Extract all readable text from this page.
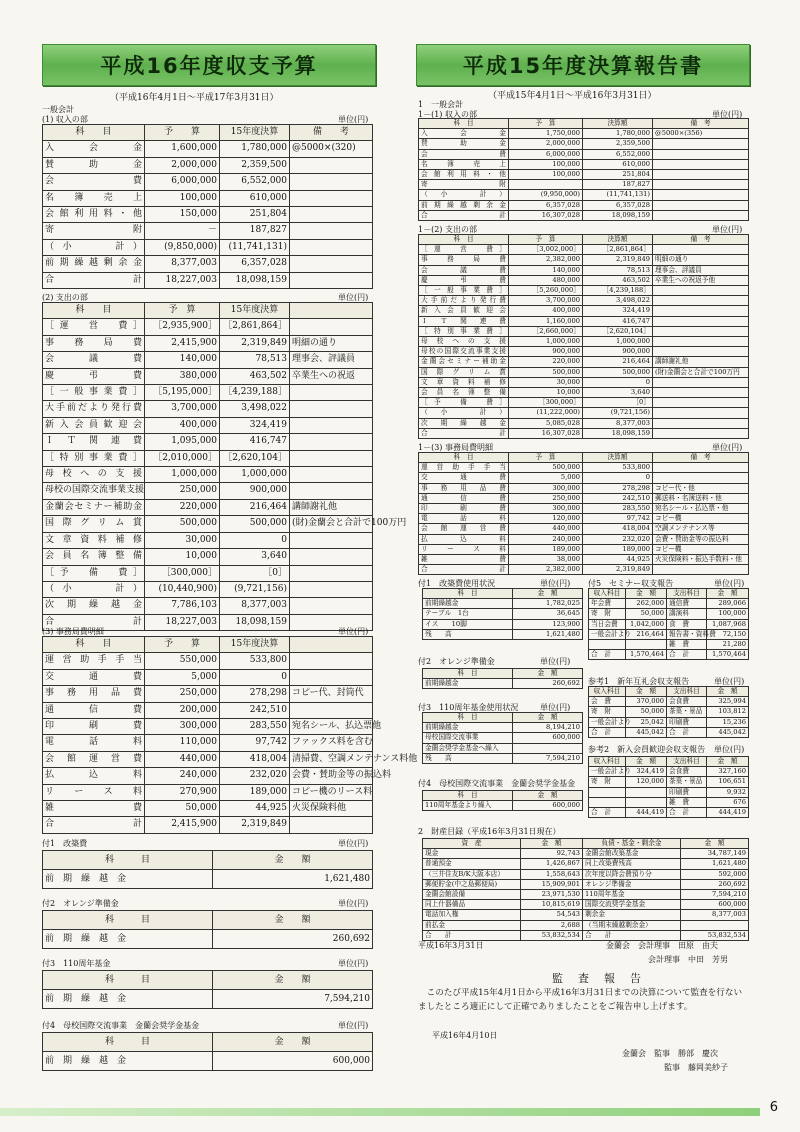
平成16年度収支予算
（平成16年4月1日～平成17年3月31日）
一般会計
(1) 収入の部	単位(円)
科　　目	予　　算	15年度決算	備　　考
入　会　金	1,600,000	1,780,000	@5000×(320)
賛　助　金	2,000,000	2,359,500	
会　　　費	6,000,000	6,552,000	
名　簿　売　上	100,000	610,000	
会館利用料・他	150,000	251,804	
寄　　　附	－	187,827	
（小　　計）	(9,850,000)	(11,741,131)	
前期繰越剰余金	8,377,003	6,357,028	
合　　　計	18,227,003	18,098,159	
(2) 支出の部	単位(円)
科　　目	予　算	15年度決算	
［運　営　費］	［2,935,900］	［2,861,864］	
事　務　局　費	2,415,900	2,319,849	明細の通り
会　　議　　費	140,000	78,513	理事会、評議員
慶　　弔　　費	380,000	463,502	卒業生への祝返
［一般事業費］	［5,195,000］	［4,239,188］	
大手前だより発行費	3,700,000	3,498,022	
新入会員歓迎会	400,000	324,419	
Ｉ　Ｔ　関　連　費	1,095,000	416,747	
［特別事業費］	［2,010,000］	［2,620,104］	
母校への支援	1,000,000	1,000,000	
母校の国際交流事業支援	250,000	900,000	
金蘭会セミナー補助金	220,000	216,464	講師謝礼他
国際グリム賞	500,000	500,000	(財)金蘭会と合計で100万円
文章資料補修	30,000	0	
会員名簿整備	10,000	3,640	
［予　備　費］	［300,000］	［0］	
（小　　計）	(10,440,900)	(9,721,156)	
次　期　繰　越　金	7,786,103	8,377,003	
合　　　計	18,227,003	18,098,159	
(3) 事務局費明細	単位(円)
科　　目	予　　算	15年度決算	
運営助手手当	550,000	533,800	
交　　通　　費	5,000	0	
事務用品費	250,000	278,298	コピー代、封筒代
通　　信　　費	200,000	242,510	
印　　刷　　費	300,000	283,550	宛名シール、払込票他
電　　話　　料	110,000	97,742	ファックス料を含む
会館運営費	440,000	418,004	清掃費、空調メンテナンス料他
払　　込　　料	240,000	232,020	会費・賛助金等の振込料
リ　ー　ス　料	270,900	189,000	コピー機のリース料
雑　　　　　費	50,000	44,925	火災保険料他
合　　　　　計	2,415,900	2,319,849	
付1　改築費	単位(円)
科　　　目	金　　額
前　期　繰　越　金	1,621,480
付2　オレンジ準備金	単位(円)
科　　　目	金　　額
前　期　繰　越　金	260,692
付3　110周年基金	単位(円)
科　　　目	金　　額
前　期　繰　越　金	7,594,210
付4　母校国際交流事業　金蘭会奨学金基金	単位(円)
科　　　目	金　　額
前　期　繰　越　金	600,000
平成15年度決算報告書
（平成15年4月1日～平成16年3月31日）
1　一般会計
1－(1) 収入の部	単位(円)
科　目	予　算	決算額	備　考
入　会　金	1,750,000	1,780,000	@5000×(356)
賛　助　金	2,000,000	2,359,500	
会　　　費	6,000,000	6,552,000	
名　簿　売　上	100,000	610,000	
会館利用料・他	100,000	251,804	
寄　　　附		187,827	
（小　計）	(9,950,000)	(11,741,131)	
前期繰越剰余金	6,357,028	6,357,028	
合　　　計	16,307,028	18,098,159	
1－(2) 支出の部	単位(円)
科　目	予　算	決算額	備　考
［運　営　費］	［3,002,000］	［2,861,864］	
事　務　局　費	2,382,000	2,319,849	明細の通り
会　　議　　費	140,000	78,513	理事会、評議員
慶　　弔　　費	480,000	463,502	卒業生への祝返予他
［一般事業費］	［5,260,000］	［4,239,188］	
大手前だより発行費	3,700,000	3,498,022	
新入会員歓迎会	400,000	324,419	
Ｉ　Ｔ　関　連　費	1,160,000	416,747	
［特別事業費］	［2,660,000］	［2,620,104］	
母校への支援	1,000,000	1,000,000	
母校の国際交流事業支援	900,000	900,000	
金蘭会セミナー補助金	220,000	216,464	講師謝礼他
国際グリム賞	500,000	500,000	(財)金蘭会と合計で100万円
文章資料補修	30,000	0	
会員名簿整備	10,000	3,640	
［予　備　費］	［300,000］	［0］	
（小　計）	(11,222,000)	(9,721,156)	
次　期　繰　越　金	5,085,028	8,377,003	
合　　　計	16,307,028	18,098,159	
1－(3) 事務局費明細	単位(円)
科　目	予　算	決算額	備　考
運営助手手当	500,000	533,800	
交　通　費	5,000	0	
事務用品費	300,000	278,298	コピー代・他
通　信　費	250,000	242,510	郵送料・名簿送料・他
印　刷　費	300,000	283,550	宛名シール・払込票・他
電　話　料	120,000	97,742	コピー機
会館運営費	440,000	418,004	空調メンテナンス等
払　込　料	240,000	232,020	会費・賛助金等の振込料
リ　ー　ス　料	189,000	189,000	コピー機
雑　　　費	38,000	44,925	火災保険料・振込手数料・他
合　　　計	2,382,000	2,319,849	
付1　改築費使用状況	単位(円)
科　目	金　額
前期繰越金	1,782,025
テーブル　1台	36,645
イス　　10脚	123,900
残　　高	1,621,480
付2　オレンジ準備金	単位(円)
科　目	金　額
前期繰越金	260,692
付3　110周年基金使用状況	単位(円)
科　目	金　額
前期繰越金	8,194,210
母校国際交流事業	600,000
金蘭会奨学金基金へ繰入	
残　　高	7,594,210
付4　母校国際交流事業　金蘭会奨学金基金
科　目	金　額
110周年基金より繰入	600,000
付5　セミナー収支報告	単位(円)
収入科目	金　額	支出科目	金　額
年会費	262,000	通信費	289,066
寄　附	50,000	講演料	100,000
当日会費	1,042,000	食　費	1,087,968
一般会計より	216,464	報告書・資料費	72,150
		雑　費	21,280
合　計	1,570,464	合　計	1,570,464
参考1　新年互礼会収支報告	単位(円)
収入科目	金　額	支出科目	金　額
会　費	370,000	会食費	325,994
寄　附	50,000	茶菓・景品	103,812
一般会計より	25,042	印刷費	15,236
合　計	445,042	合　計	445,042
参考2　新入会員歓迎会収支報告 単位(円)
収入科目	金　額	支出科目	金　額
一般会計より	324,419	会食費	327,160
寄　附	120,000	茶菓・景品	106,651
		印刷費	9,932
		雑　費	676
合　計	444,419	合　計	444,419
2　財産目録（平成16年3月31日現在）
資　産	金　額	負債・基金・剰余金	金　額
現金	92,743	金蘭会館改築基金	34,787,149
普通預金	1,426,867	同上改築費残高	1,621,480
（三井住友B/K大阪本店）	1,558,643	次年度以降会費預り分	592,000
郵便貯金(中之島郵便局)	15,909,901	オレンジ準備金	260,692
金蘭会館設備	23,971,530	110周年基金	7,594,210
同上什器備品	10,815,619	国際交流奨学金基金	600,000
電話加入権	54,543	剰余金	8,377,003
前払金	2,688	（当期末繰越剰余金）	
合　　計	53,832,534	合　　計	53,832,534
平成16年3月31日	金蘭会　会計理事　田原　由夫
会計理事　中田　芳男
監　査　報　告
このたび平成15年4月1日から平成16年3月31日までの決算について監査を行ないましたところ適正にして正確でありましたことをご報告申し上げます。
平成16年4月10日
金蘭会　監事　勝部　慶次
監事　藤岡美紗子
6
